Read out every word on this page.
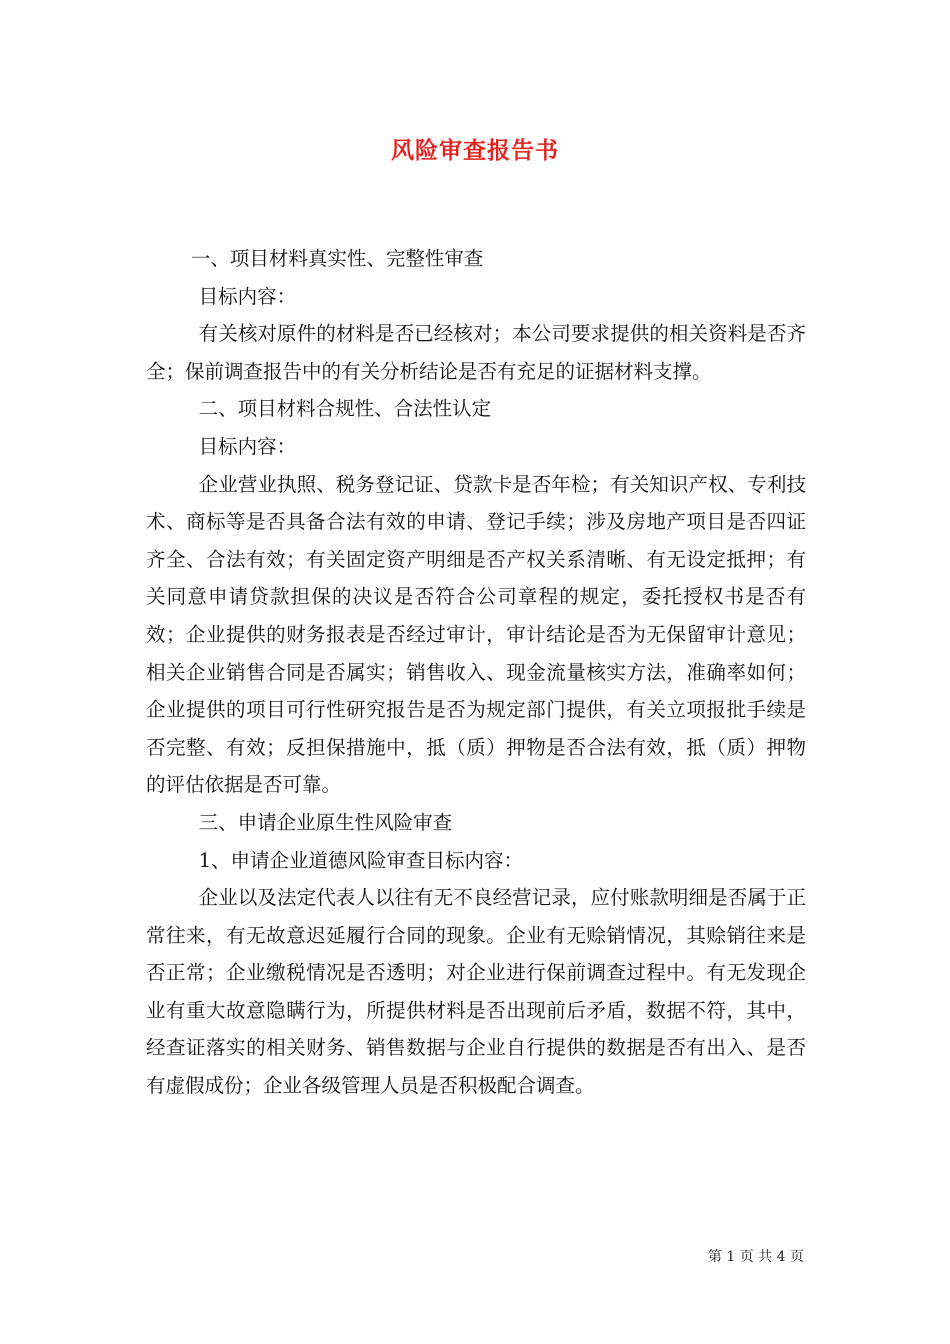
风险审查报告书

一、项目材料真实性、完整性审查

目标内容：

有关核对原件的材料是否已经核对；本公司要求提供的相关资料是否齐全；保前调查报告中的有关分析结论是否有充足的证据材料支撑。

二、项目材料合规性、合法性认定

目标内容：

企业营业执照、税务登记证、贷款卡是否年检；有关知识产权、专利技术、商标等是否具备合法有效的申请、登记手续；涉及房地产项目是否四证齐全、合法有效；有关固定资产明细是否产权关系清晰、有无设定抵押；有关同意申请贷款担保的决议是否符合公司章程的规定，委托授权书是否有效；企业提供的财务报表是否经过审计，审计结论是否为无保留审计意见；相关企业销售合同是否属实；销售收入、现金流量核实方法，准确率如何；企业提供的项目可行性研究报告是否为规定部门提供，有关立项报批手续是否完整、有效；反担保措施中，抵（质）押物是否合法有效，抵（质）押物的评估依据是否可靠。

三、申请企业原生性风险审查

1、申请企业道德风险审查目标内容：

企业以及法定代表人以往有无不良经营记录，应付账款明细是否属于正常往来，有无故意迟延履行合同的现象。企业有无赊销情况，其赊销往来是否正常；企业缴税情况是否透明；对企业进行保前调查过程中。有无发现企业有重大故意隐瞒行为，所提供材料是否出现前后矛盾，数据不符，其中，经查证落实的相关财务、销售数据与企业自行提供的数据是否有出入、是否有虚假成份；企业各级管理人员是否积极配合调查。

第 1 页 共 4 页
